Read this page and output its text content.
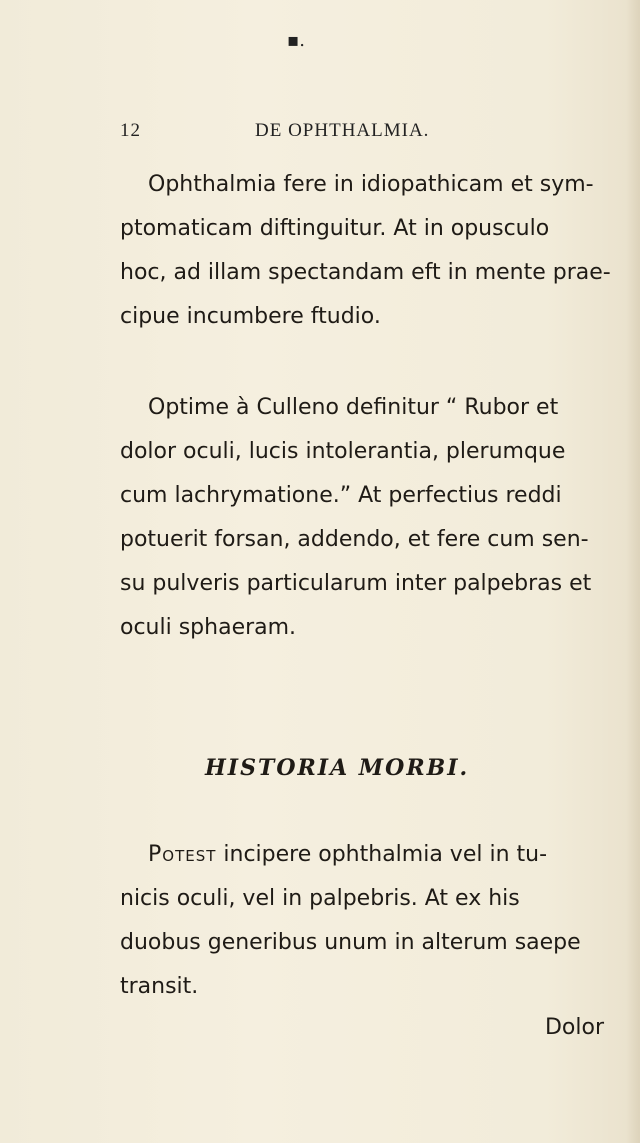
▪.
12	DE OPHTHALMIA.
Ophthalmia fere in idiopathicam et sym-
ptomaticam diftinguitur. At in opusculo
hoc, ad illam spectandam eft in mente prae-
cipue incumbere ftudio.
Optime à Culleno definitur “ Rubor et
dolor oculi, lucis intolerantia, plerumque
cum lachrymatione.” At perfectius reddi
potuerit forsan, addendo, et fere cum sen-
su pulveris particularum inter palpebras et
oculi sphaeram.
HISTORIA MORBI.
Potest incipere ophthalmia vel in tu-
nicis oculi, vel in palpebris. At ex his
duobus generibus unum in alterum saepe
transit.
Dolor
